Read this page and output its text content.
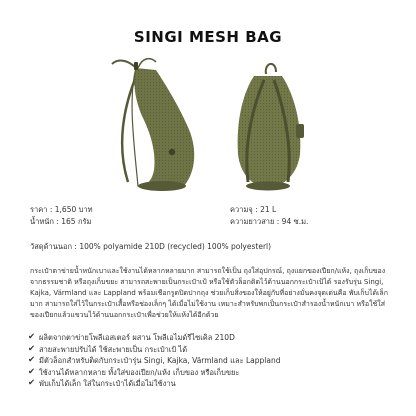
SINGI MESH BAG
ราคา : 1,650 บาท
น้ำหนัก : 165 กรัม
ความจุ : 21 L
ความยาวสาย : 94 ซ.ม.
วัสดุด้านนอก : 100% polyamide 210D (recycled) 100% polyesterl)

กระเป๋าตาข่ายน้ำหนักเบาและใช้งานได้หลากหลายมาก สามารถใช้เป็น ถุงใส่อุปกรณ์, ถุงแยกของเปียก/แห้ง, ถุงเก็บของจากธรรมชาติ หรือถุงเก็บขยะ สามารถสะพายเป็นกระเป๋าเป้ หรือใช้ตัวล็อกติดไว้ด้านนอกกระเป๋าเป้ได้ รองรับรุ่น Singi, Kajka, Värmland และ Lappland พร้อมเชือกรูดปิดปากถุง ช่วยเก็บสิ่งของให้อยู่กับที่อย่างมั่นคงจุดเด่นคือ พับเก็บได้เล็กมาก สามารถใส่ไว้ในกระเป๋าเสื้อหรือช่องเล็กๆ ได้เมื่อไม่ใช้งาน เหมาะสำหรับพกเป็นกระเป๋าสำรองน้ำหนักเบา หรือใช้ใส่ของเปียกแล้วแขวนไว้ด้านนอกกระเป๋าเพื่อช่วยให้แห้งได้อีกด้วย

✔ ผลิตจากตาข่ายโพลีเอสเตอร์ ผสาน โพลีเอไมด์รีไซเคิล 210D
✔ สายสะพายปรับได้ ใช้สะพายเป็น กระเป๋าเป้ ได้
✔ มีตัวล็อกสำหรับติดกับกระเป๋ารุ่น Singi, Kajka, Värmland และ Lappland
✔ ใช้งานได้หลากหลาย ทั้งใส่ของเปียก/แห้ง เก็บของ หรือเก็บขยะ
✔ พับเก็บได้เล็ก ใส่ในกระเป๋าได้เมื่อไม่ใช้งาน
